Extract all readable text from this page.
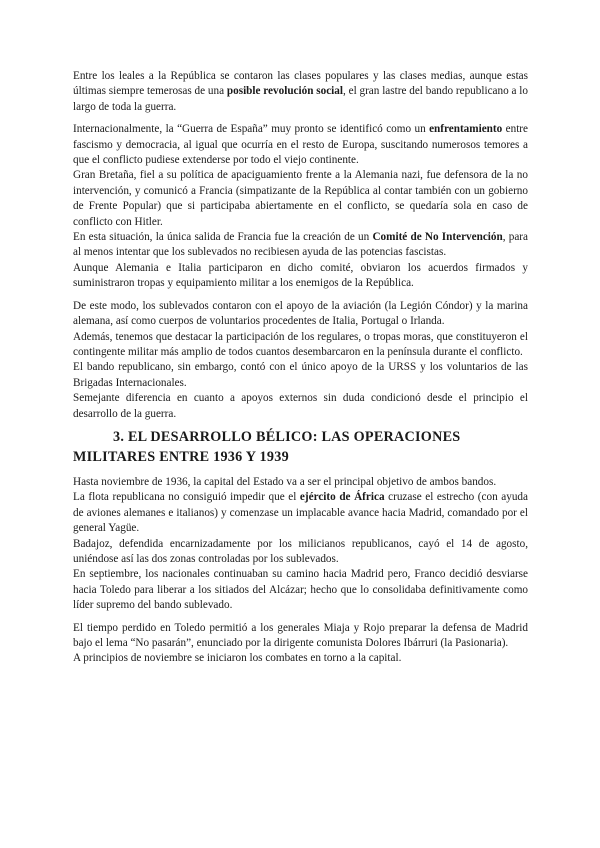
Entre los leales a la República se contaron las clases populares y las clases medias, aunque estas últimas siempre temerosas de una posible revolución social, el gran lastre del bando republicano a lo largo de toda la guerra.

Internacionalmente, la “Guerra de España” muy pronto se identificó como un enfrentamiento entre fascismo y democracia, al igual que ocurría en el resto de Europa, suscitando numerosos temores a que el conflicto pudiese extenderse por todo el viejo continente.

Gran Bretaña, fiel a su política de apaciguamiento frente a la Alemania nazi, fue defensora de la no intervención, y comunicó a Francia (simpatizante de la República al contar también con un gobierno de Frente Popular) que si participaba abiertamente en el conflicto, se quedaría sola en caso de conflicto con Hitler.

En esta situación, la única salida de Francia fue la creación de un Comité de No Intervención, para al menos intentar que los sublevados no recibiesen ayuda de las potencias fascistas.

Aunque Alemania e Italia participaron en dicho comité, obviaron los acuerdos firmados y suministraron tropas y equipamiento militar a los enemigos de la República.

De este modo, los sublevados contaron con el apoyo de la aviación (la Legión Cóndor) y la marina alemana, así como cuerpos de voluntarios procedentes de Italia, Portugal o Irlanda.

Además, tenemos que destacar la participación de los regulares, o tropas moras, que constituyeron el contingente militar más amplio de todos cuantos desembarcaron en la península durante el conflicto.

El bando republicano, sin embargo, contó con el único apoyo de la URSS y los voluntarios de las Brigadas Internacionales.

Semejante diferencia en cuanto a apoyos externos sin duda condicionó desde el principio el desarrollo de la guerra.

3. EL DESARROLLO BÉLICO: LAS OPERACIONES MILITARES ENTRE 1936 Y 1939

Hasta noviembre de 1936, la capital del Estado va a ser el principal objetivo de ambos bandos.

La flota republicana no consiguió impedir que el ejército de África cruzase el estrecho (con ayuda de aviones alemanes e italianos) y comenzase un implacable avance hacia Madrid, comandado por el general Yagüe.

Badajoz, defendida encarnizadamente por los milicianos republicanos, cayó el 14 de agosto, uniéndose así las dos zonas controladas por los sublevados.

En septiembre, los nacionales continuaban su camino hacia Madrid pero, Franco decidió desviarse hacia Toledo para liberar a los sitiados del Alcázar; hecho que lo consolidaba definitivamente como líder supremo del bando sublevado.

El tiempo perdido en Toledo permitió a los generales Miaja y Rojo preparar la defensa de Madrid bajo el lema “No pasarán”, enunciado por la dirigente comunista Dolores Ibárruri (la Pasionaria).

A principios de noviembre se iniciaron los combates en torno a la capital.
